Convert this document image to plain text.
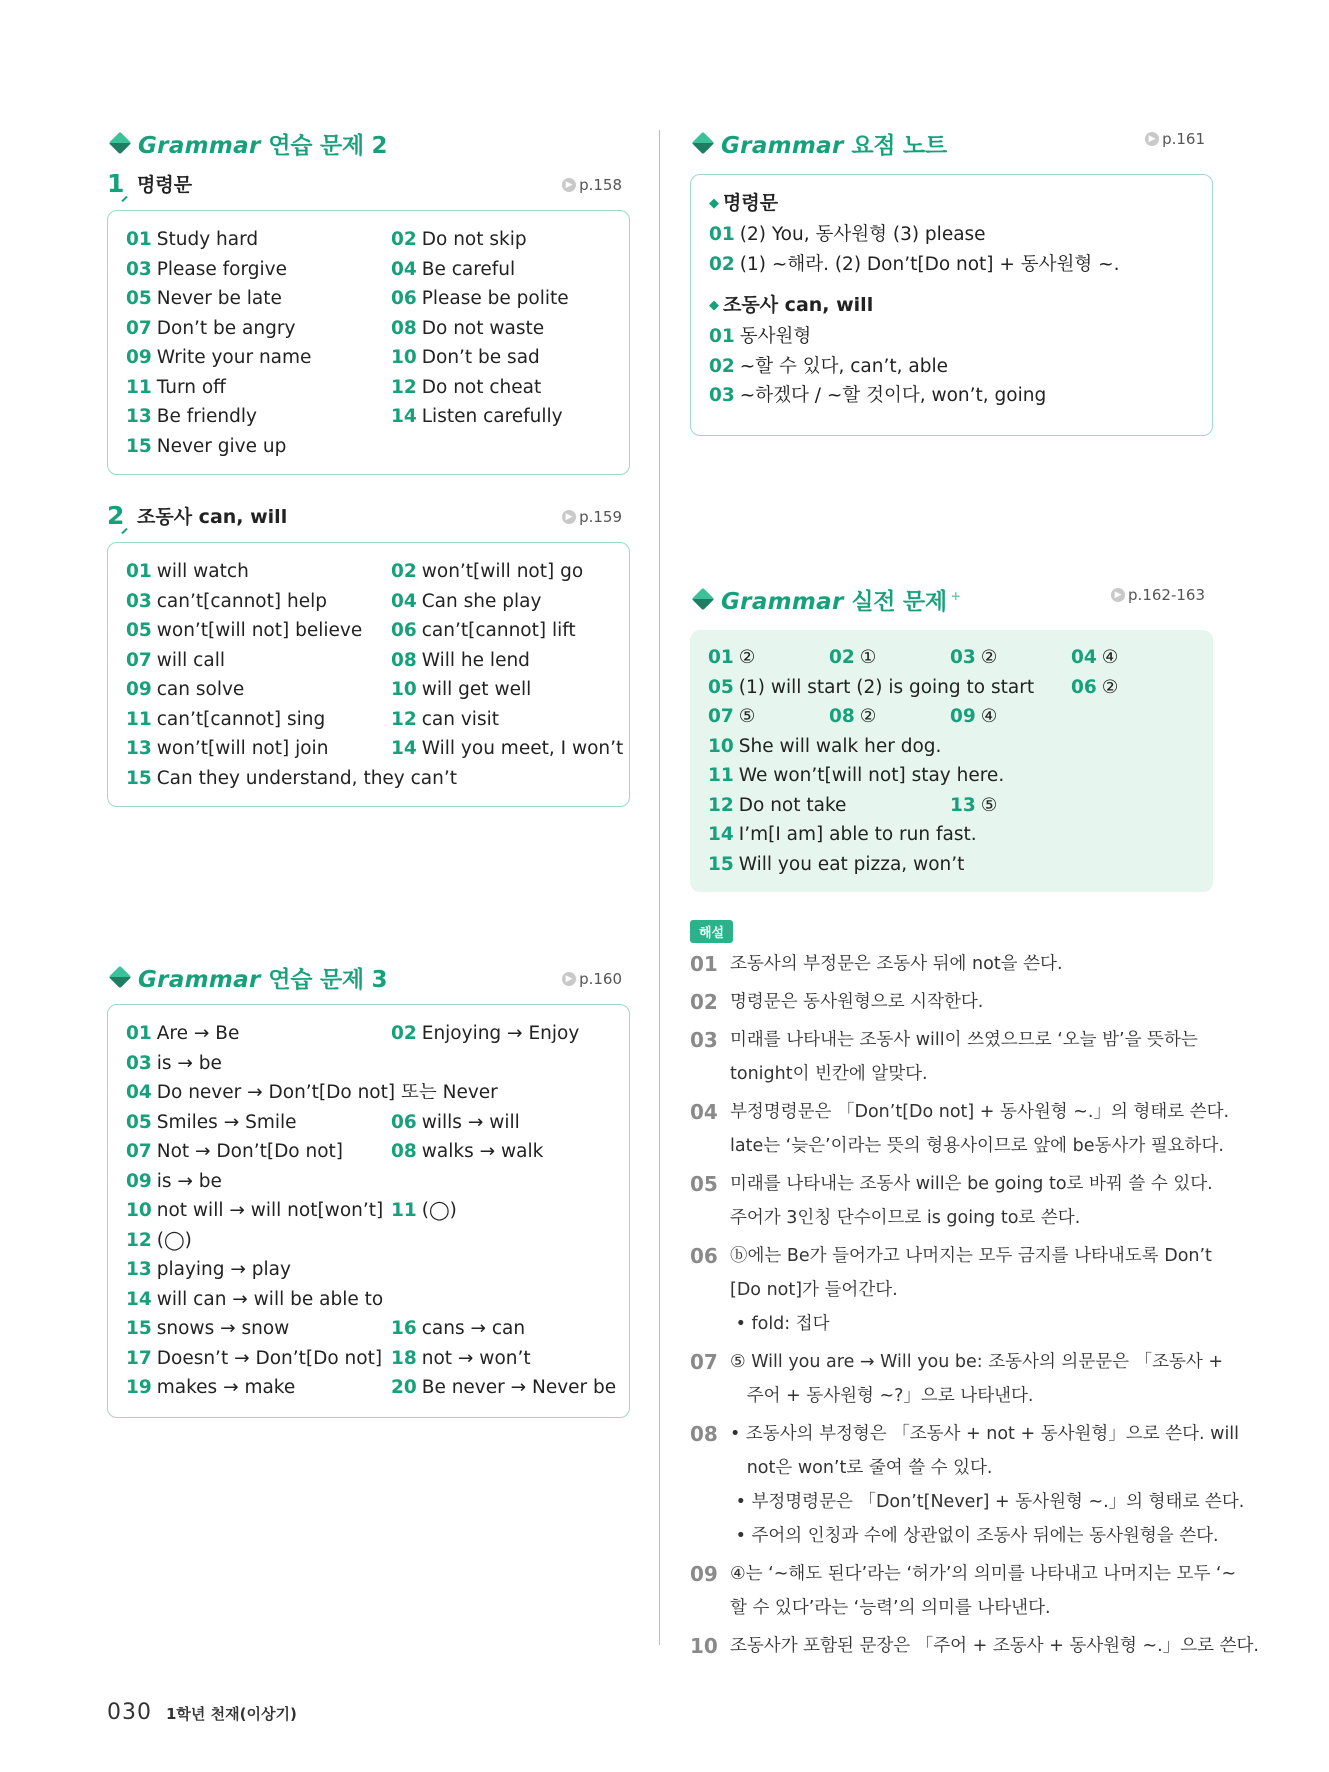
Grammar 연습 문제 2
1 명령문	▶ p.158
01 Study hard	02 Do not skip
03 Please forgive	04 Be careful
05 Never be late	06 Please be polite
07 Don’t be angry	08 Do not waste
09 Write your name	10 Don’t be sad
11 Turn off	12 Do not cheat
13 Be friendly	14 Listen carefully
15 Never give up
2 조동사 can, will	▶ p.159
01 will watch	02 won’t[will not] go
03 can’t[cannot] help	04 Can she play
05 won’t[will not] believe	06 can’t[cannot] lift
07 will call	08 Will he lend
09 can solve	10 will get well
11 can’t[cannot] sing	12 can visit
13 won’t[will not] join	14 Will you meet, I won’t
15 Can they understand, they can’t
Grammar 연습 문제 3	▶ p.160
01 Are → Be	02 Enjoying → Enjoy
03 is → be
04 Do never → Don’t[Do not] 또는 Never
05 Smiles → Smile	06 wills → will
07 Not → Don’t[Do not]	08 walks → walk
09 is → be
10 not will → will not[won’t] 11 (◯)
12 (◯)
13 playing → play
14 will can → will be able to
15 snows → snow	16 cans → can
17 Doesn’t → Don’t[Do not] 18 not → won’t
19 makes → make	20 Be never → Never be
Grammar 요점 노트	▶ p.161
◆ 명령문
01 (2) You, 동사원형 (3) please
02 (1) ~해라. (2) Don’t[Do not] + 동사원형 ~.
◆ 조동사 can, will
01 동사원형
02 ~할 수 있다, can’t, able
03 ~하겠다 / ~할 것이다, won’t, going
Grammar 실전 문제 +	▶ p.162-163
01 ②	02 ①	03 ②	04 ④
05 (1) will start (2) is going to start	06 ②
07 ⑤	08 ②	09 ④
10 She will walk her dog.
11 We won’t[will not] stay here.
12 Do not take	13 ⑤
14 I’m[I am] able to run fast.
15 Will you eat pizza, won’t
해설
01 조동사의 부정문은 조동사 뒤에 not을 쓴다.
02 명령문은 동사원형으로 시작한다.
03 미래를 나타내는 조동사 will이 쓰였으므로 ‘오늘 밤’을 뜻하는
tonight이 빈칸에 알맞다.
04 부정명령문은 「Don’t[Do not] + 동사원형 ~.」의 형태로 쓴다.
late는 ‘늦은’이라는 뜻의 형용사이므로 앞에 be동사가 필요하다.
05 미래를 나타내는 조동사 will은 be going to로 바꿔 쓸 수 있다.
주어가 3인칭 단수이므로 is going to로 쓴다.
06 ⓑ에는 Be가 들어가고 나머지는 모두 금지를 나타내도록 Don’t
[Do not]가 들어간다.
• fold: 접다
07 ⑤ Will you are → Will you be: 조동사의 의문문은 「조동사 +
주어 + 동사원형 ~?」으로 나타낸다.
08 • 조동사의 부정형은 「조동사 + not + 동사원형」으로 쓴다. will
not은 won’t로 줄여 쓸 수 있다.
• 부정명령문은 「Don’t[Never] + 동사원형 ~.」의 형태로 쓴다.
• 주어의 인칭과 수에 상관없이 조동사 뒤에는 동사원형을 쓴다.
09 ④는 ‘~해도 된다’라는 ‘허가’의 의미를 나타내고 나머지는 모두 ‘~
할 수 있다’라는 ‘능력’의 의미를 나타낸다.
10 조동사가 포함된 문장은 「주어 + 조동사 + 동사원형 ~.」으로 쓴다.
030 1학년 천재(이상기)
